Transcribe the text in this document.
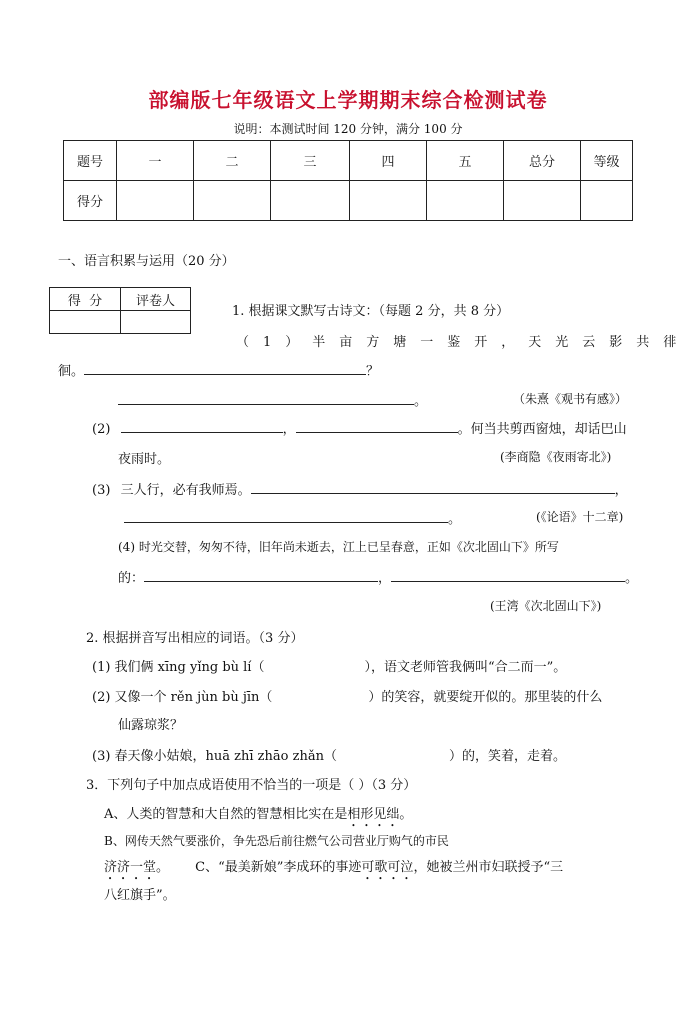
部编版七年级语文上学期期末综合检测试卷
说明：本测试时间 120 分钟，满分 100 分
题号	一	二	三	四	五	总分	等级
得分							
一、语言积累与运用（20 分）
得  分	评卷人

1. 根据课文默写古诗文：（每题 2 分，共 8 分）
（1）半亩方塘一鉴开，天光云影共徘
徊。	？
。	（朱熹《观书有感》）
(2)	，	。何当共剪西窗烛，却话巴山
夜雨时。	(李商隐《夜雨寄北》)
(3) 三人行，必有我师焉。	，
。	(《论语》十二章)
(4) 时光交替，匆匆不待，旧年尚未逝去，江上已呈春意，正如《次北固山下》所写
的：	，	。
(王湾《次北固山下》)
2. 根据拼音写出相应的词语。（3 分）
(1) 我们俩 xīng yǐng bù lí（	），语文老师管我俩叫“合二而一”。
(2) 又像一个 rěn jùn bù jīn（	）的笑容，就要绽开似的。那里装的什么
仙露琼浆？
(3) 春天像小姑娘，huā zhī zhāo zhǎn（	）的，笑着，走着。
3．下列句子中加点成语使用不恰当的一项是（ ）（3 分）
A、人类的智慧和大自然的智慧相比实在是相形见绌。
B、网传天然气要涨价，争先恐后前往燃气公司营业厅购气的市民
济济一堂。 C、“最美新娘”李成环的事迹可歌可泣，她被兰州市妇联授予“三
八红旗手”。
